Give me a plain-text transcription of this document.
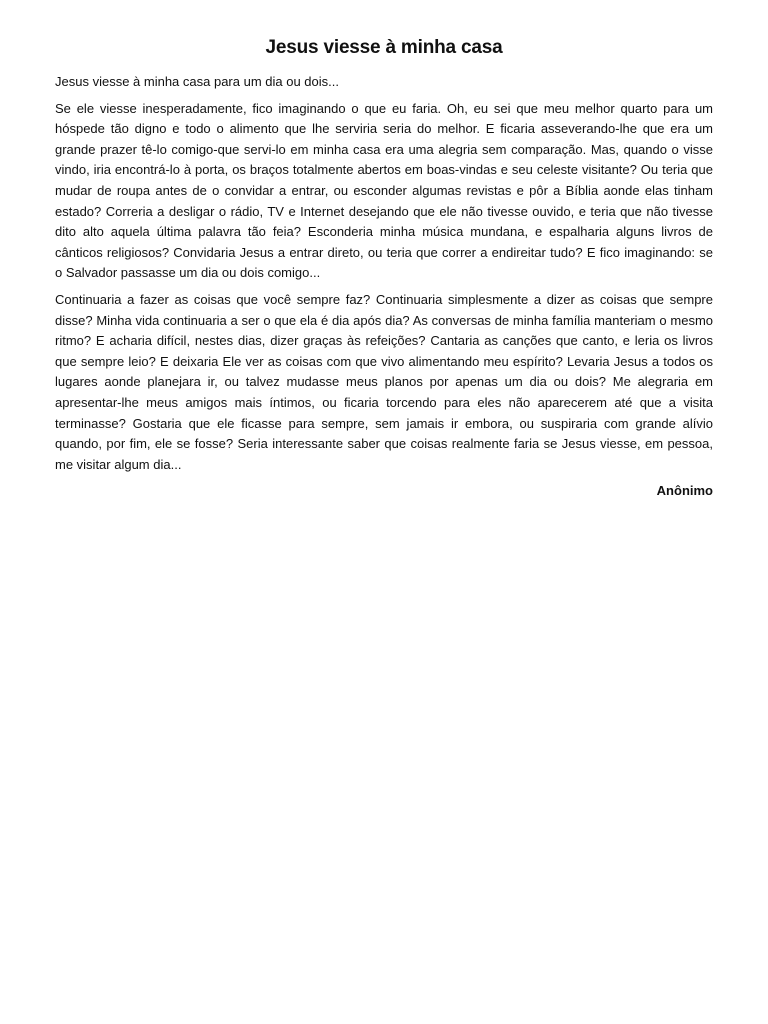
Jesus viesse à minha casa

Jesus viesse à minha casa para um dia ou dois...

Se ele viesse inesperadamente, fico imaginando o que eu faria. Oh, eu sei que meu melhor quarto para um hóspede tão digno e todo o alimento que lhe serviria seria do melhor. E ficaria asseverando-lhe que era um grande prazer tê-lo comigo-que servi-lo em minha casa era uma alegria sem comparação. Mas, quando o visse vindo, iria encontrá-lo à porta, os braços totalmente abertos em boas-vindas e seu celeste visitante? Ou teria que mudar de roupa antes de o convidar a entrar, ou esconder algumas revistas e pôr a Bíblia aonde elas tinham estado? Correria a desligar o rádio, TV e Internet desejando que ele não tivesse ouvido, e teria que não tivesse dito alto aquela última palavra tão feia? Esconderia minha música mundana, e espalharia alguns livros de cânticos religiosos? Convidaria Jesus a entrar direto, ou teria que correr a endireitar tudo? E fico imaginando: se o Salvador passasse um dia ou dois comigo...

Continuaria a fazer as coisas que você sempre faz? Continuaria simplesmente a dizer as coisas que sempre disse? Minha vida continuaria a ser o que ela é dia após dia? As conversas de minha família manteriam o mesmo ritmo? E acharia difícil, nestes dias, dizer graças às refeições? Cantaria as canções que canto, e leria os livros que sempre leio? E deixaria Ele ver as coisas com que vivo alimentando meu espírito? Levaria Jesus a todos os lugares aonde planejara ir, ou talvez mudasse meus planos por apenas um dia ou dois? Me alegraria em apresentar-lhe meus amigos mais íntimos, ou ficaria torcendo para eles não aparecerem até que a visita terminasse? Gostaria que ele ficasse para sempre, sem jamais ir embora, ou suspiraria com grande alívio quando, por fim, ele se fosse? Seria interessante saber que coisas realmente faria se Jesus viesse, em pessoa, me visitar algum dia...

Anônimo
